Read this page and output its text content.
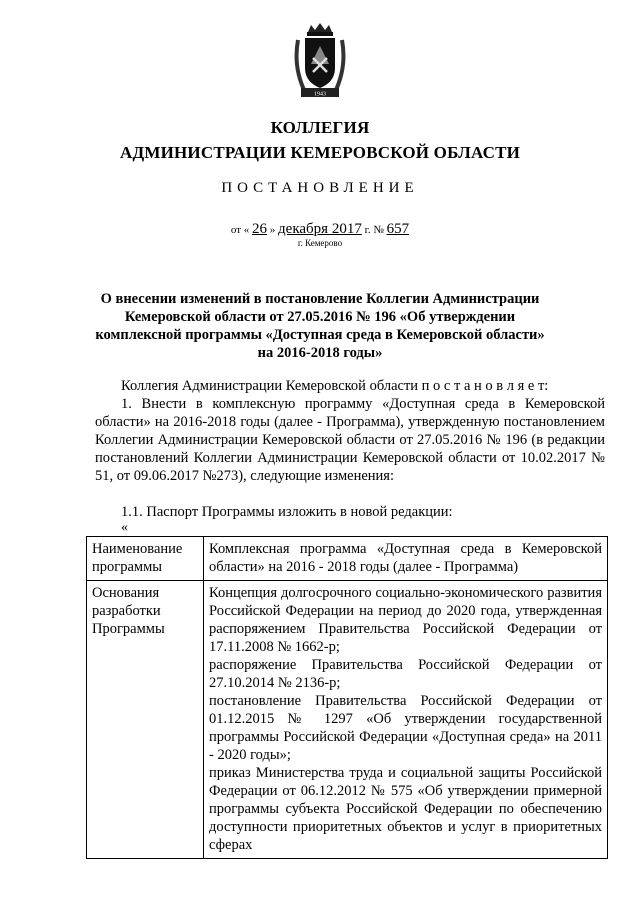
1943
КОЛЛЕГИЯ
АДМИНИСТРАЦИИ КЕМЕРОВСКОЙ ОБЛАСТИ
ПОСТАНОВЛЕНИЕ
от « 26 » декабря 2017 г. № 657
г. Кемерово
О внесении изменений в постановление Коллегии Администрации Кемеровской области от 27.05.2016 № 196 «Об утверждении комплексной программы «Доступная среда в Кемеровской области» на 2016-2018 годы»
Коллегия Администрации Кемеровской области п о с т а н о в л я е т:
1. Внести в комплексную программу «Доступная среда в Кемеровской области» на 2016-2018 годы (далее - Программа), утвержденную постановлением Коллегии Администрации Кемеровской области от 27.05.2016 № 196 (в редакции постановлений Коллегии Администрации Кемеровской области от 10.02.2017 № 51, от 09.06.2017 №273), следующие изменения:
1.1. Паспорт Программы изложить в новой редакции:
«
Наименование программы	Комплексная программа «Доступная среда в Кемеровской области» на 2016 - 2018 годы (далее - Программа)
Основания разработки Программы	Концепция долгосрочного социально-экономического развития Российской Федерации на период до 2020 года, утвержденная распоряжением Правительства Российской Федерации от 17.11.2008 № 1662-р;
распоряжение Правительства Российской Федерации от 27.10.2014 № 2136-р;
постановление Правительства Российской Федерации от 01.12.2015 № 1297 «Об утверждении государственной программы Российской Федерации «Доступная среда» на 2011 - 2020 годы»;
приказ Министерства труда и социальной защиты Российской Федерации от 06.12.2012 № 575 «Об утверждении примерной программы субъекта Российской Федерации по обеспечению доступности приоритетных объектов и услуг в приоритетных сферах
